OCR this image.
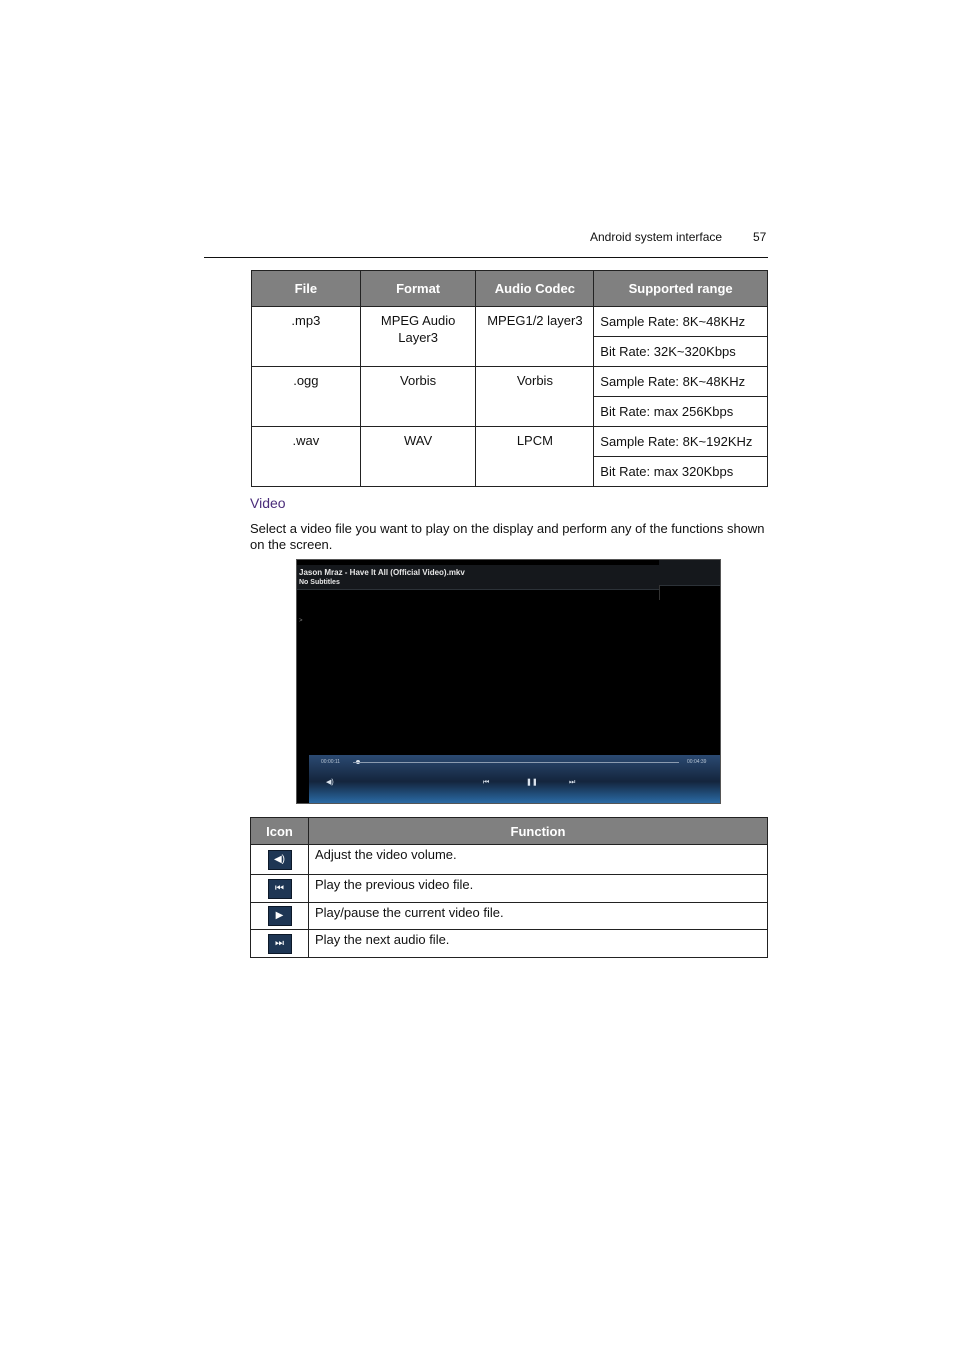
Android system interface	57
File	Format	Audio Codec	Supported range
.mp3	MPEG Audio Layer3	MPEG1/2 layer3	Sample Rate: 8K~48KHz
			Bit Rate: 32K~320Kbps
.ogg	Vorbis	Vorbis	Sample Rate: 8K~48KHz
			Bit Rate: max 256Kbps
.wav	WAV	LPCM	Sample Rate: 8K~192KHz
			Bit Rate: max 320Kbps
Video
Select a video file you want to play on the display and perform any of the functions shown on the screen.
Jason Mraz - Have It All (Official Video).mkv
No Subtitles
>
00:00:11	00:04:39
◀)	⏮	❚❚	⏭
Icon	Function
◀)	Adjust the video volume.
⏮	Play the previous video file.
▶	Play/pause the current video file.
⏭	Play the next audio file.
